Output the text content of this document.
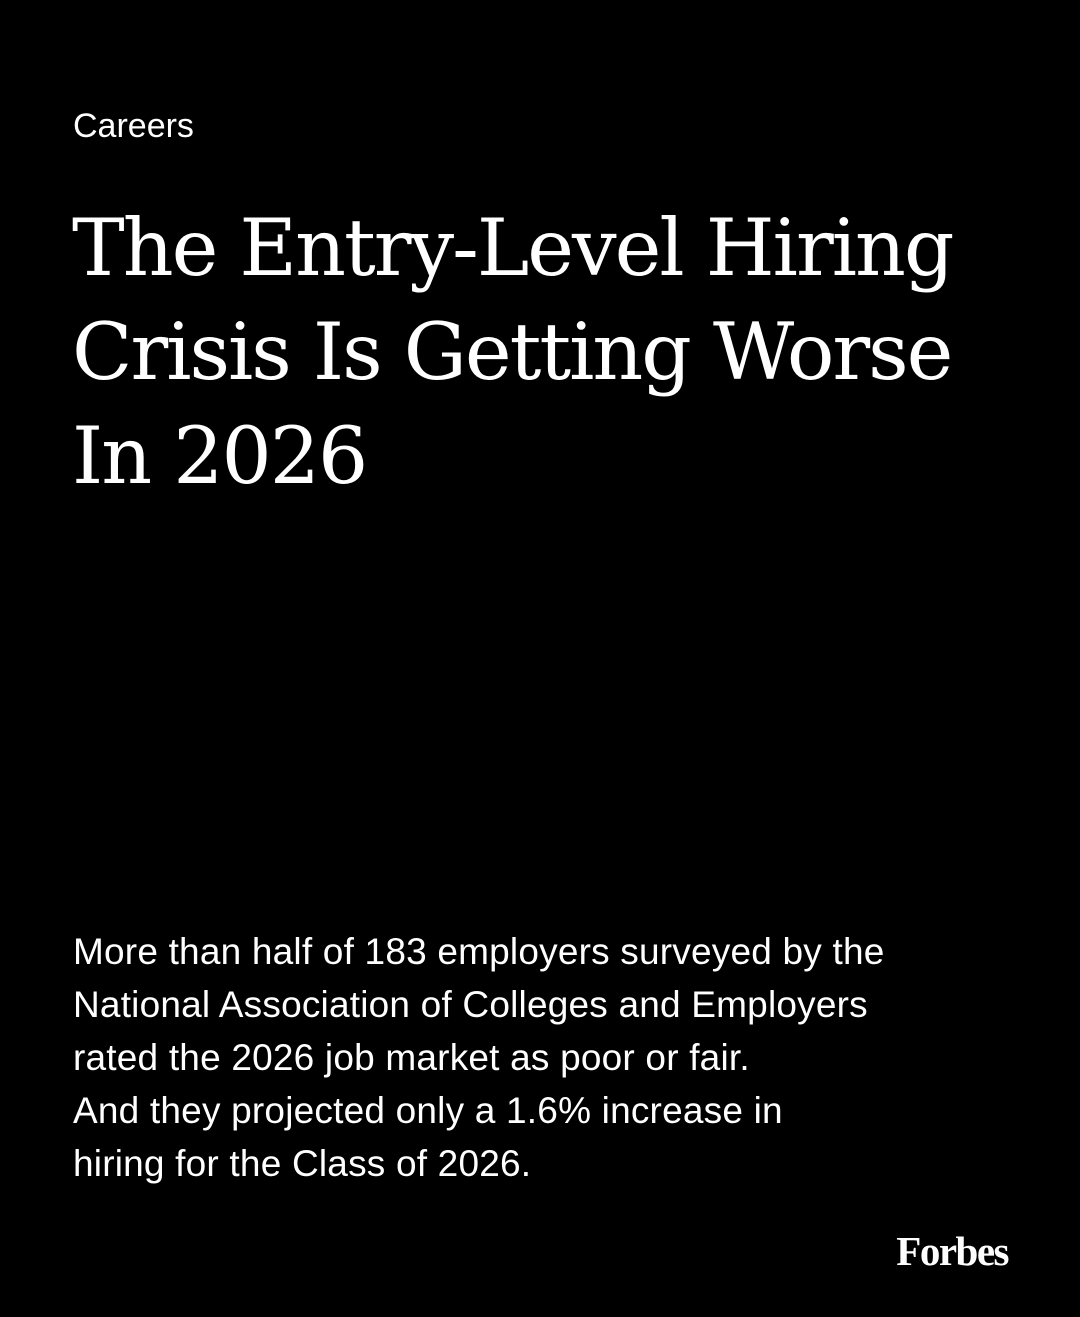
Careers

The Entry-Level Hiring
Crisis Is Getting Worse
In 2026

More than half of 183 employers surveyed by the
National Association of Colleges and Employers
rated the 2026 job market as poor or fair.
And they projected only a 1.6% increase in
hiring for the Class of 2026.

Forbes
